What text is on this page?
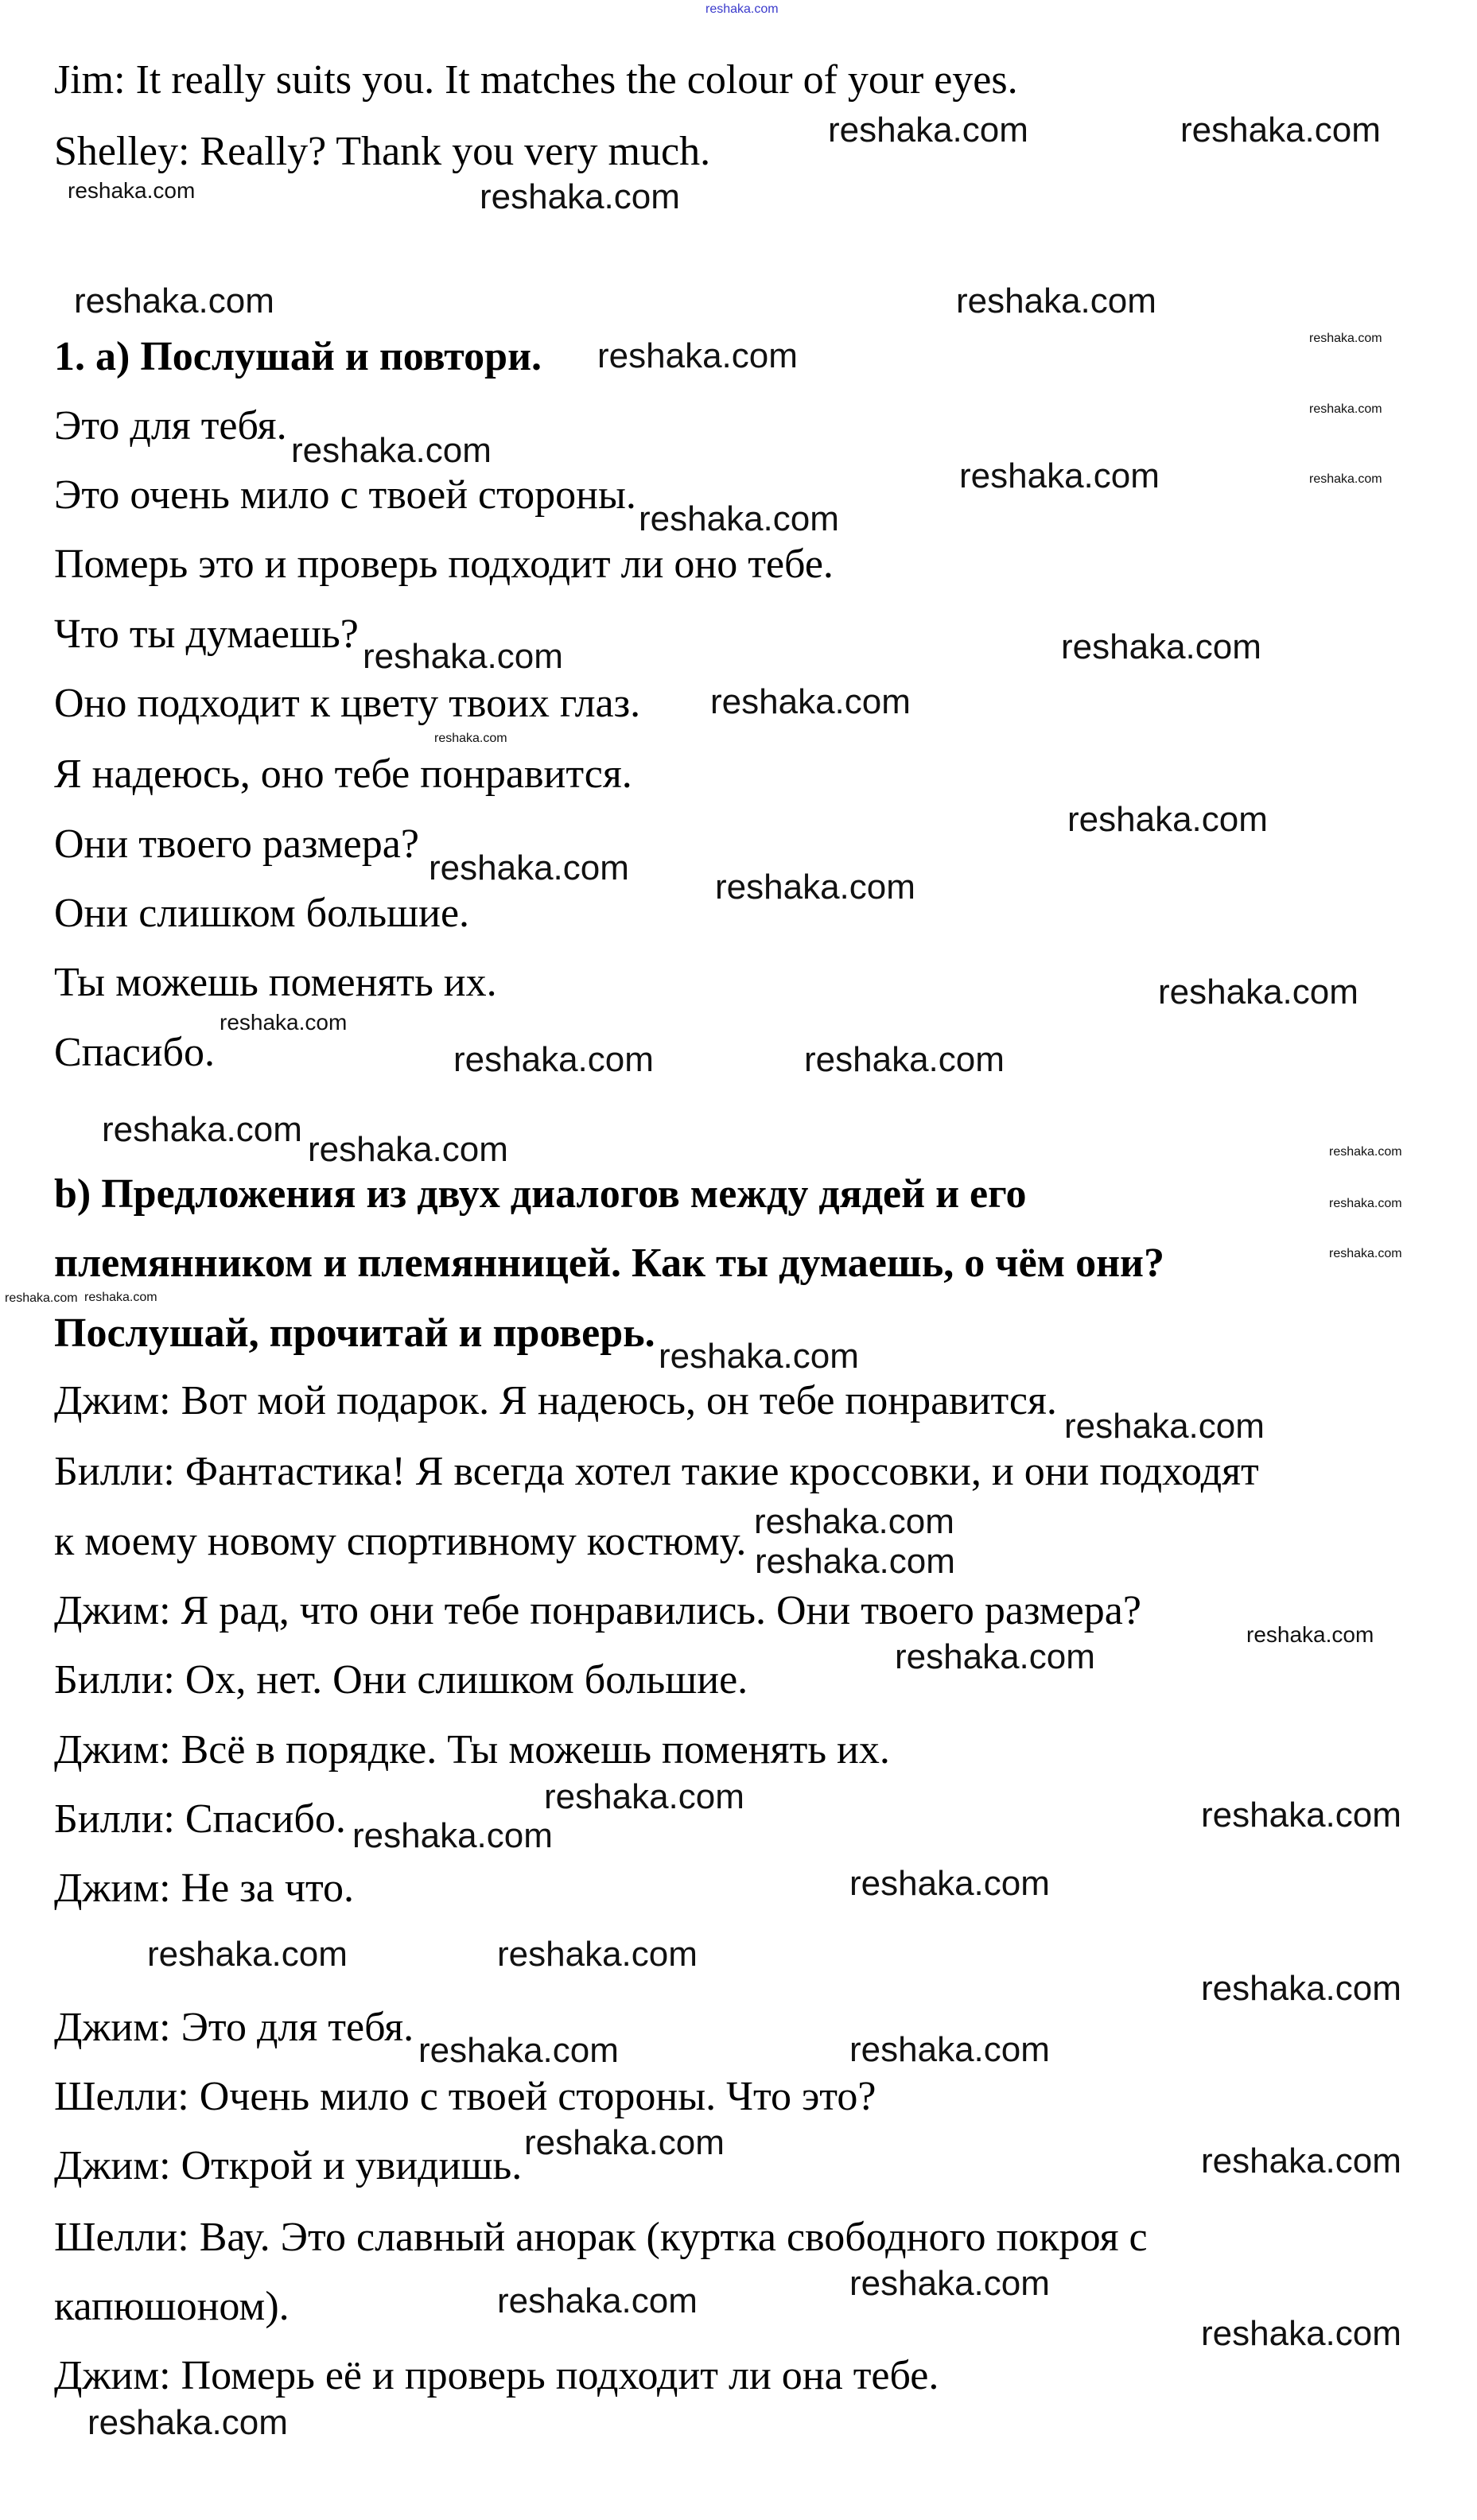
Jim: It really suits you. It matches the colour of your eyes.
Shelley: Really? Thank you very much.
1. a) Послушай и повтори.
Это для тебя.
Это очень мило с твоей стороны.
Померь это и проверь подходит ли оно тебе.
Что ты думаешь?
Оно подходит к цвету твоих глаз.
Я надеюсь, оно тебе понравится.
Они твоего размера?
Они слишком большие.
Ты можешь поменять их.
Спасибо.
b) Предложения из двух диалогов между дядей и его
племянником и племянницей. Как ты думаешь, о чём они?
Послушай, прочитай и проверь.
Джим: Вот мой подарок. Я надеюсь, он тебе понравится.
Билли: Фантастика! Я всегда хотел такие кроссовки, и они подходят
к моему новому спортивному костюму.
Джим: Я рад, что они тебе понравились. Они твоего размера?
Билли: Ох, нет. Они слишком большие.
Джим: Всё в порядке. Ты можешь поменять их.
Билли: Спасибо.
Джим: Не за что.
Джим: Это для тебя.
Шелли: Очень мило с твоей стороны. Что это?
Джим: Открой и увидишь.
Шелли: Вау. Это славный анорак (куртка свободного покроя с
капюшоном).
Джим: Померь её и проверь подходит ли она тебе.
reshaka.com
reshaka.com	reshaka.com
reshaka.com	reshaka.com
reshaka.com	reshaka.com
reshaka.com	reshaka.com
reshaka.com
reshaka.com
reshaka.com
reshaka.com
reshaka.com
reshaka.com
reshaka.com
reshaka.com
reshaka.com
reshaka.com
reshaka.com reshaka.com
reshaka.com
reshaka.com
reshaka.com	reshaka.com
reshaka.com
reshaka.com
reshaka.com
reshaka.com
reshaka.com
reshaka.com
reshaka.com
reshaka.com
reshaka.com
reshaka.com
reshaka.com
reshaka.com
reshaka.com
reshaka.com
reshaka.com
reshaka.com
reshaka.com
reshaka.com	reshaka.com
reshaka.com
reshaka.com
reshaka.com
reshaka.com	reshaka.com
reshaka.com
reshaka.com
reshaka.com
reshaka.com
